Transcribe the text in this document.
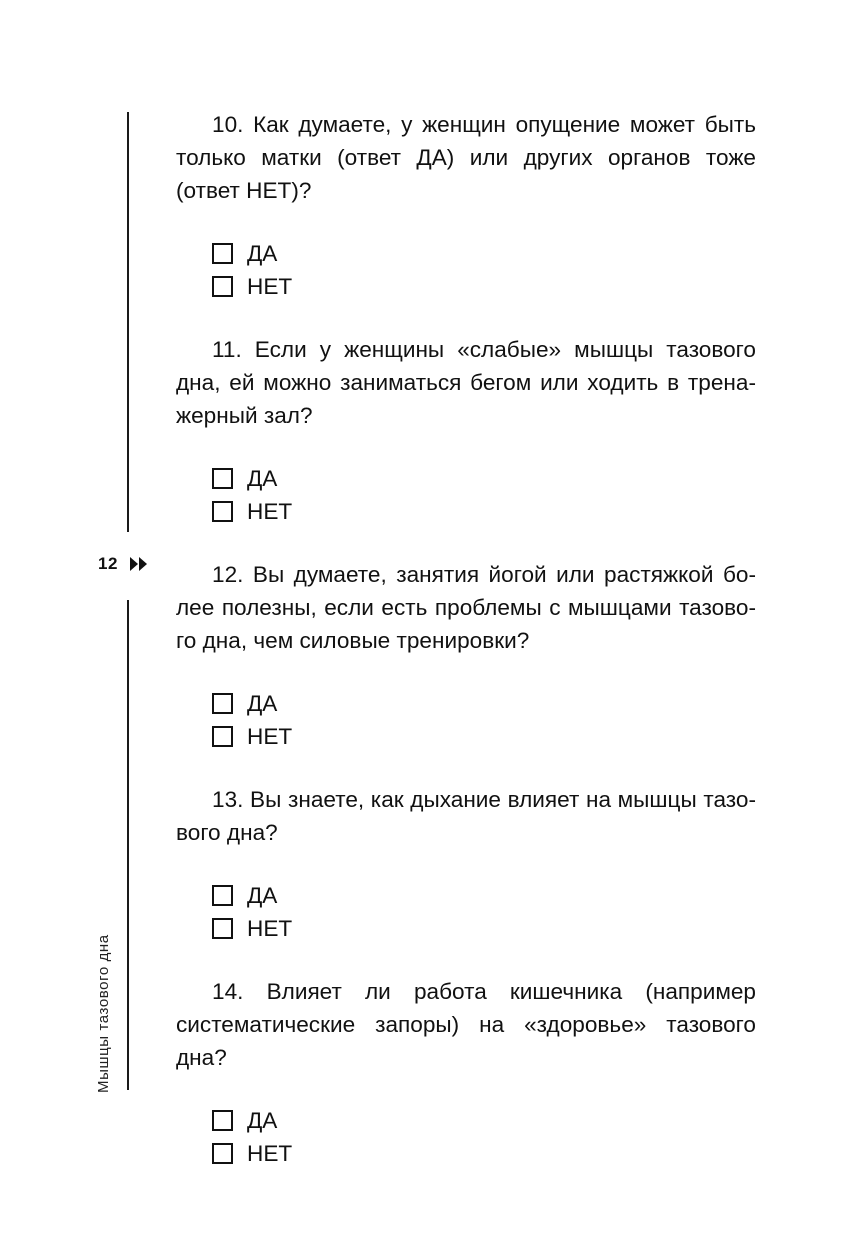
12
Мышцы тазового дна

10. Как думаете, у женщин опущение может быть только матки (ответ ДА) или других органов тоже (ответ НЕТ)?

ДА
НЕТ

11. Если у женщины «слабые» мышцы тазового дна, ей можно заниматься бегом или ходить в тренажерный зал?

ДА
НЕТ

12. Вы думаете, занятия йогой или растяжкой более полезны, если есть проблемы с мышцами тазового дна, чем силовые тренировки?

ДА
НЕТ

13. Вы знаете, как дыхание влияет на мышцы тазового дна?

ДА
НЕТ

14. Влияет ли работа кишечника (например систематические запоры) на «здоровье» тазового дна?

ДА
НЕТ
